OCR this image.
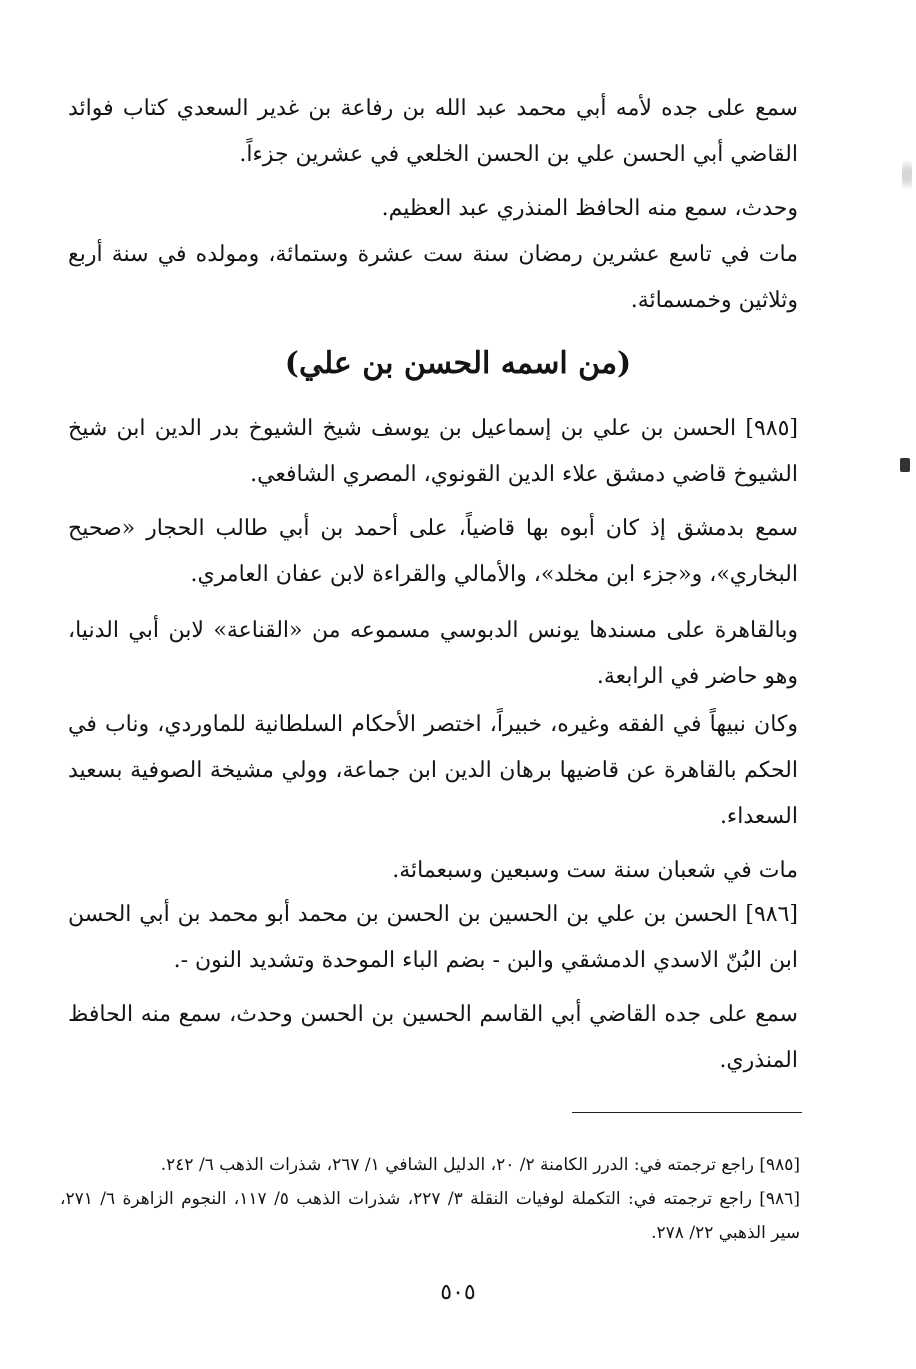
سمع على جده لأمه أبي محمد عبد الله بن رفاعة بن غدير السعدي كتاب فوائد القاضي أبي الحسن علي بن الحسن الخلعي في عشرين جزءاً.

وحدث، سمع منه الحافظ المنذري عبد العظيم.

مات في تاسع عشرين رمضان سنة ست عشرة وستمائة، ومولده في سنة أربع وثلاثين وخمسمائة.

(من اسمه الحسن بن علي)

[٩٨٥] الحسن بن علي بن إسماعيل بن يوسف شيخ الشيوخ بدر الدين ابن شيخ الشيوخ قاضي دمشق علاء الدين القونوي، المصري الشافعي.

سمع بدمشق إذ كان أبوه بها قاضياً، على أحمد بن أبي طالب الحجار «صحيح البخاري»، و«جزء ابن مخلد»، والأمالي والقراءة لابن عفان العامري.

وبالقاهرة على مسندها يونس الدبوسي مسموعه من «القناعة» لابن أبي الدنيا، وهو حاضر في الرابعة.

وكان نبيهاً في الفقه وغيره، خبيراً، اختصر الأحكام السلطانية للماوردي، وناب في الحكم بالقاهرة عن قاضيها برهان الدين ابن جماعة، وولي مشيخة الصوفية بسعيد السعداء.

مات في شعبان سنة ست وسبعين وسبعمائة.

[٩٨٦] الحسن بن علي بن الحسين بن الحسن بن محمد أبو محمد بن أبي الحسن ابن البُنّ الاسدي الدمشقي والبن - بضم الباء الموحدة وتشديد النون -.

سمع على جده القاضي أبي القاسم الحسين بن الحسن وحدث، سمع منه الحافظ المنذري.

[٩٨٥] راجع ترجمته في: الدرر الكامنة ٢/ ٢٠، الدليل الشافي ١/ ٢٦٧، شذرات الذهب ٦/ ٢٤٢.

[٩٨٦] راجع ترجمته في: التكملة لوفيات النقلة ٣/ ٢٢٧، شذرات الذهب ٥/ ١١٧، النجوم الزاهرة ٦/ ٢٧١، سير الذهبي ٢٢/ ٢٧٨.

٥٠٥
